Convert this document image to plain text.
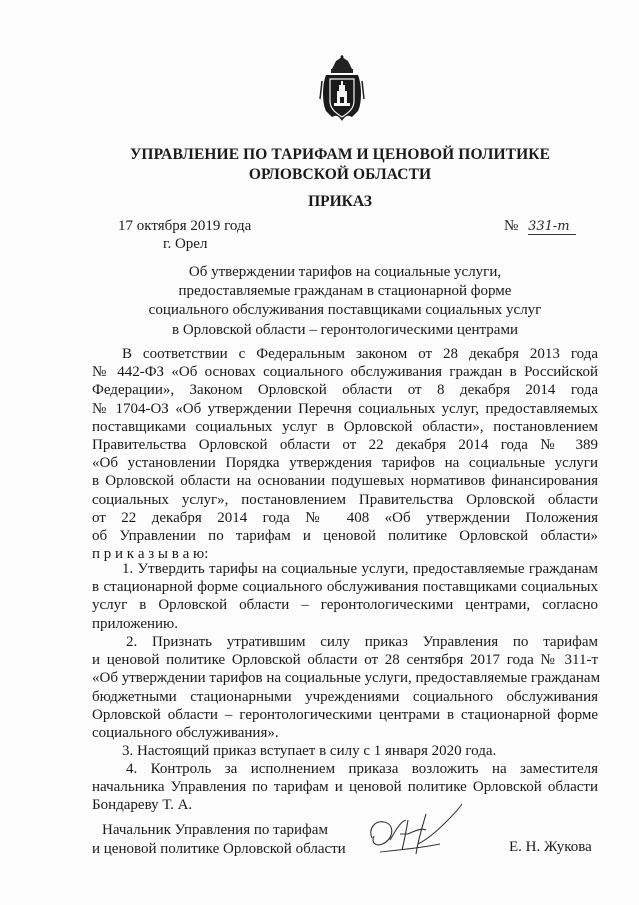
УПРАВЛЕНИЕ ПО ТАРИФАМ И ЦЕНОВОЙ ПОЛИТИКЕ
ОРЛОВСКОЙ ОБЛАСТИ
ПРИКАЗ
17 октября 2019 года
г. Орел
№ 331-т
Об утверждении тарифов на социальные услуги,
предоставляемые гражданам в стационарной форме
социального обслуживания поставщиками социальных услуг
в Орловской области – геронтологическими центрами
В соответствии с Федеральным законом от 28 декабря 2013 года
№ 442-ФЗ «Об основах социального обслуживания граждан в Российской
Федерации», Законом Орловской области от 8 декабря 2014 года
№ 1704-ОЗ «Об утверждении Перечня социальных услуг, предоставляемых
поставщиками социальных услуг в Орловской области», постановлением
Правительства Орловской области от 22 декабря 2014 года № 389
«Об установлении Порядка утверждения тарифов на социальные услуги
в Орловской области на основании подушевых нормативов финансирования
социальных услуг», постановлением Правительства Орловской области
от 22 декабря 2014 года № 408 «Об утверждении Положения
об Управлении по тарифам и ценовой политике Орловской области»
п р и к а з ы в а ю:
1. Утвердить тарифы на социальные услуги, предоставляемые гражданам
в стационарной форме социального обслуживания поставщиками социальных
услуг в Орловской области – геронтологическими центрами, согласно
приложению.
2. Признать утратившим силу приказ Управления по тарифам
и ценовой политике Орловской области от 28 сентября 2017 года № 311-т
«Об утверждении тарифов на социальные услуги, предоставляемые гражданам
бюджетными стационарными учреждениями социального обслуживания
Орловской области – геронтологическими центрами в стационарной форме
социального обслуживания».
3. Настоящий приказ вступает в силу с 1 января 2020 года.
4. Контроль за исполнением приказа возложить на заместителя
начальника Управления по тарифам и ценовой политике Орловской области
Бондареву Т. А.
Начальник Управления по тарифам
и ценовой политике Орловской области	Е. Н. Жукова
